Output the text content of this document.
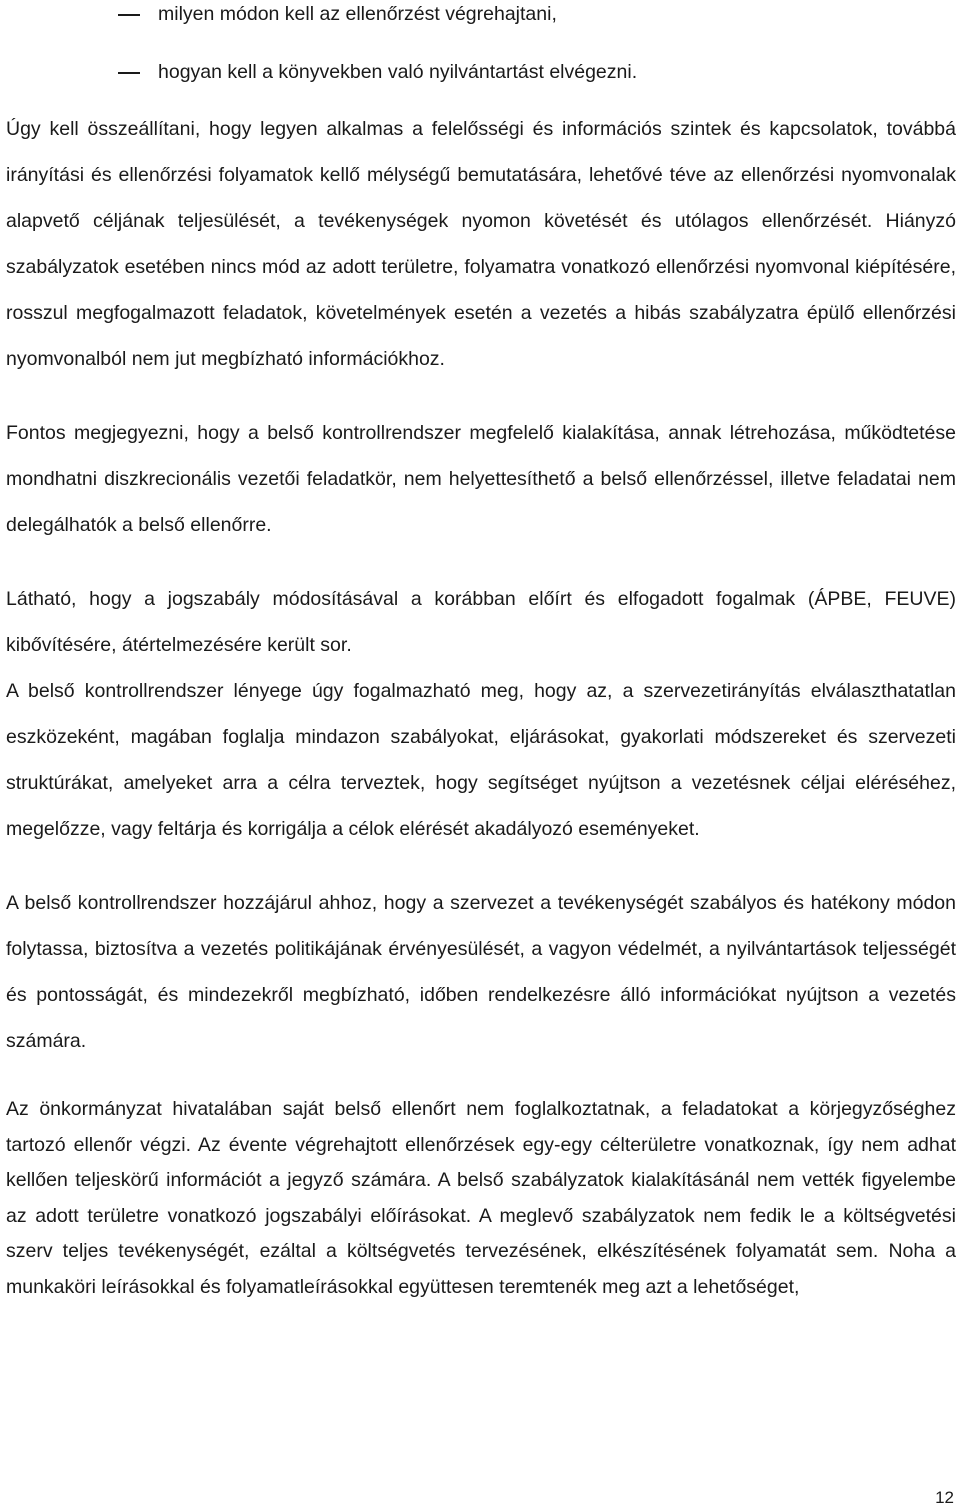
milyen módon kell az ellenőrzést végrehajtani,
hogyan kell a könyvekben való nyilvántartást elvégezni.

Úgy kell összeállítani, hogy legyen alkalmas a felelősségi és információs szintek és kapcsolatok, továbbá irányítási és ellenőrzési folyamatok kellő mélységű bemutatására, lehetővé téve az ellenőrzési nyomvonalak alapvető céljának teljesülését, a tevékenységek nyomon követését és utólagos ellenőrzését. Hiányzó szabályzatok esetében nincs mód az adott területre, folyamatra vonatkozó ellenőrzési nyomvonal kiépítésére, rosszul megfogalmazott feladatok, követelmények esetén a vezetés a hibás szabályzatra épülő ellenőrzési nyomvonalból nem jut megbízható információkhoz.

Fontos megjegyezni, hogy a belső kontrollrendszer megfelelő kialakítása, annak létrehozása, működtetése mondhatni diszkrecionális vezetői feladatkör, nem helyettesíthető a belső ellenőrzéssel, illetve feladatai nem delegálhatók a belső ellenőrre.

Látható, hogy a jogszabály módosításával a korábban előírt és elfogadott fogalmak (ÁPBE, FEUVE) kibővítésére, átértelmezésére került sor.

A belső kontrollrendszer lényege úgy fogalmazható meg, hogy az, a szervezetirányítás elválaszthatatlan eszközeként, magában foglalja mindazon szabályokat, eljárásokat, gyakorlati módszereket és szervezeti struktúrákat, amelyeket arra a célra terveztek, hogy segítséget nyújtson a vezetésnek céljai eléréséhez, megelőzze, vagy feltárja és korrigálja a célok elérését akadályozó eseményeket.

A belső kontrollrendszer hozzájárul ahhoz, hogy a szervezet a tevékenységét szabályos és hatékony módon folytassa, biztosítva a vezetés politikájának érvényesülését, a vagyon védelmét, a nyilvántartások teljességét és pontosságát, és mindezekről megbízható, időben rendelkezésre álló információkat nyújtson a vezetés számára.

Az önkormányzat hivatalában saját belső ellenőrt nem foglalkoztatnak, a feladatokat a körjegyzőséghez tartozó ellenőr végzi. Az évente végrehajtott ellenőrzések egy-egy célterületre vonatkoznak, így nem adhat kellően teljeskörű információt a jegyző számára. A belső szabályzatok kialakításánál nem vették figyelembe az adott területre vonatkozó jogszabályi előírásokat. A meglevő szabályzatok nem fedik le a költségvetési szerv teljes tevékenységét, ezáltal a költségvetés tervezésének, elkészítésének folyamatát sem. Noha a munkaköri leírásokkal és folyamatleírásokkal együttesen teremtenék meg azt a lehetőséget,

12
